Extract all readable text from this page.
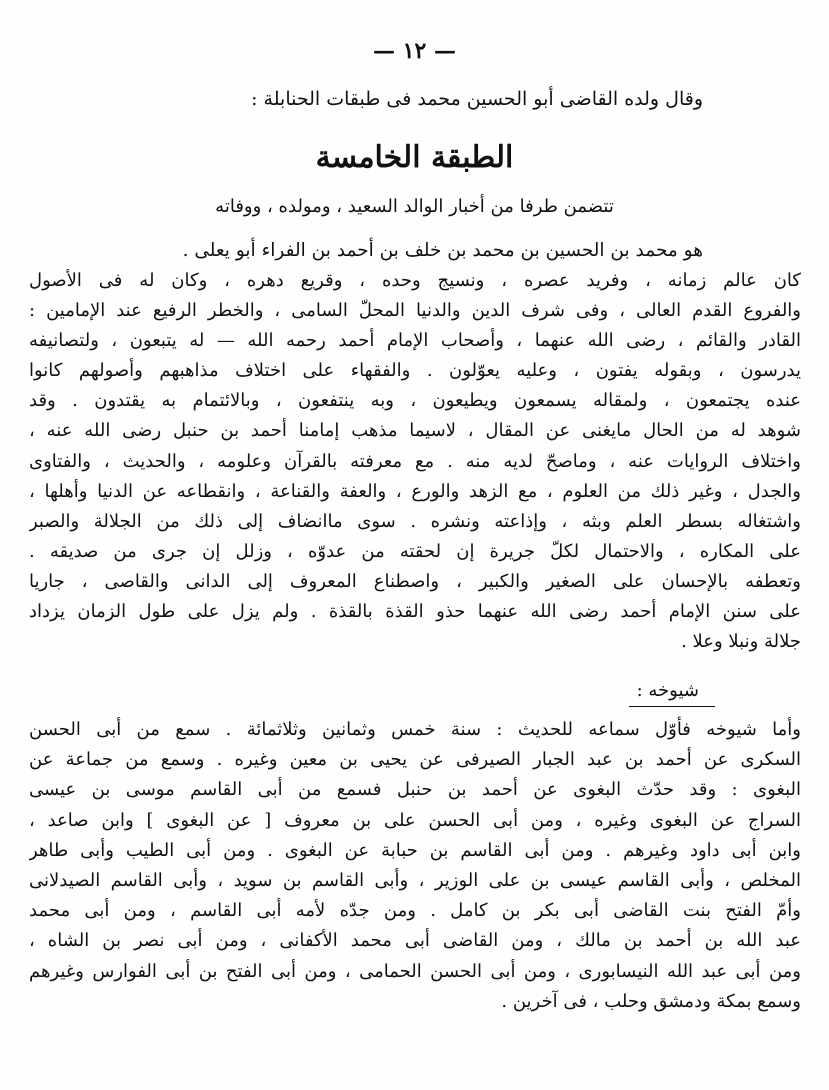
— ١٢ —
وقال ولده القاضى أبو الحسين محمد فى طبقات الحنابلة :
الطبقة الخامسة
تتضمن طرفا من أخبار الوالد السعيد ، ومولده ، ووفاته
هو محمد بن الحسين بن محمد بن خلف بن أحمد بن الفراء أبو يعلى .
كان عالم زمانه ، وفريد عصره ، ونسيج وحده ، وقريع دهره ، وكان له فى الأصول
والفروع القدم العالى ، وفى شرف الدين والدنيا المحلّ السامى ، والخطر الرفيع عند الإمامين :
القادر والقائم ، رضى الله عنهما ، وأصحاب الإمام أحمد رحمه الله — له يتبعون ، ولتصانيفه
يدرسون ، وبقوله يفتون ، وعليه يعوّلون . والفقهاء على اختلاف مذاهبهم وأصولهم كانوا
عنده يجتمعون ، ولمقاله يسمعون ويطيعون ، وبه ينتفعون ، وبالائتمام به يقتدون . وقد
شوهد له من الحال مايغنى عن المقال ، لاسيما مذهب إمامنا أحمد بن حنبل رضى الله عنه ،
واختلاف الروايات عنه ، وماصحّ لديه منه . مع معرفته بالقرآن وعلومه ، والحديث ، والفتاوى
والجدل ، وغير ذلك من العلوم ، مع الزهد والورع ، والعفة والقناعة ، وانقطاعه عن الدنيا وأهلها ،
واشتغاله بسطر العلم وبثه ، وإذاعته ونشره . سوى ماانضاف إلى ذلك من الجلالة والصبر
على المكاره ، والاحتمال لكلّ جريرة إن لحقته من عدوّه ، وزلل إن جرى من صديقه .
وتعطفه بالإحسان على الصغير والكبير ، واصطناع المعروف إلى الدانى والقاصى ، جاريا
على سنن الإمام أحمد رضى الله عنهما حذو القذة بالقذة . ولم يزل على طول الزمان يزداد
جلالة ونبلا وعلا .
شيوخه :
وأما شيوخه فأوّل سماعه للحديث : سنة خمس وثمانين وثلاثمائة . سمع من أبى الحسن
السكرى عن أحمد بن عبد الجبار الصيرفى عن يحيى بن معين وغيره . وسمع من جماعة عن
البغوى : وقد حدّث البغوى عن أحمد بن حنبل فسمع من أبى القاسم موسى بن عيسى
السراج عن البغوى وغيره ، ومن أبى الحسن على بن معروف [ عن البغوى ] وابن صاعد ،
وابن أبى داود وغيرهم . ومن أبى القاسم بن حبابة عن البغوى . ومن أبى الطيب وأبى طاهر
المخلص ، وأبى القاسم عيسى بن على الوزير ، وأبى القاسم بن سويد ، وأبى القاسم الصيدلانى
وأمّ الفتح بنت القاضى أبى بكر بن كامل . ومن جدّه لأمه أبى القاسم ، ومن أبى محمد
عبد الله بن أحمد بن مالك ، ومن القاضى أبى محمد الأكفانى ، ومن أبى نصر بن الشاه ،
ومن أبى عبد الله النيسابورى ، ومن أبى الحسن الحمامى ، ومن أبى الفتح بن أبى الفوارس وغيرهم
وسمع بمكة ودمشق وحلب ، فى آخرين .
